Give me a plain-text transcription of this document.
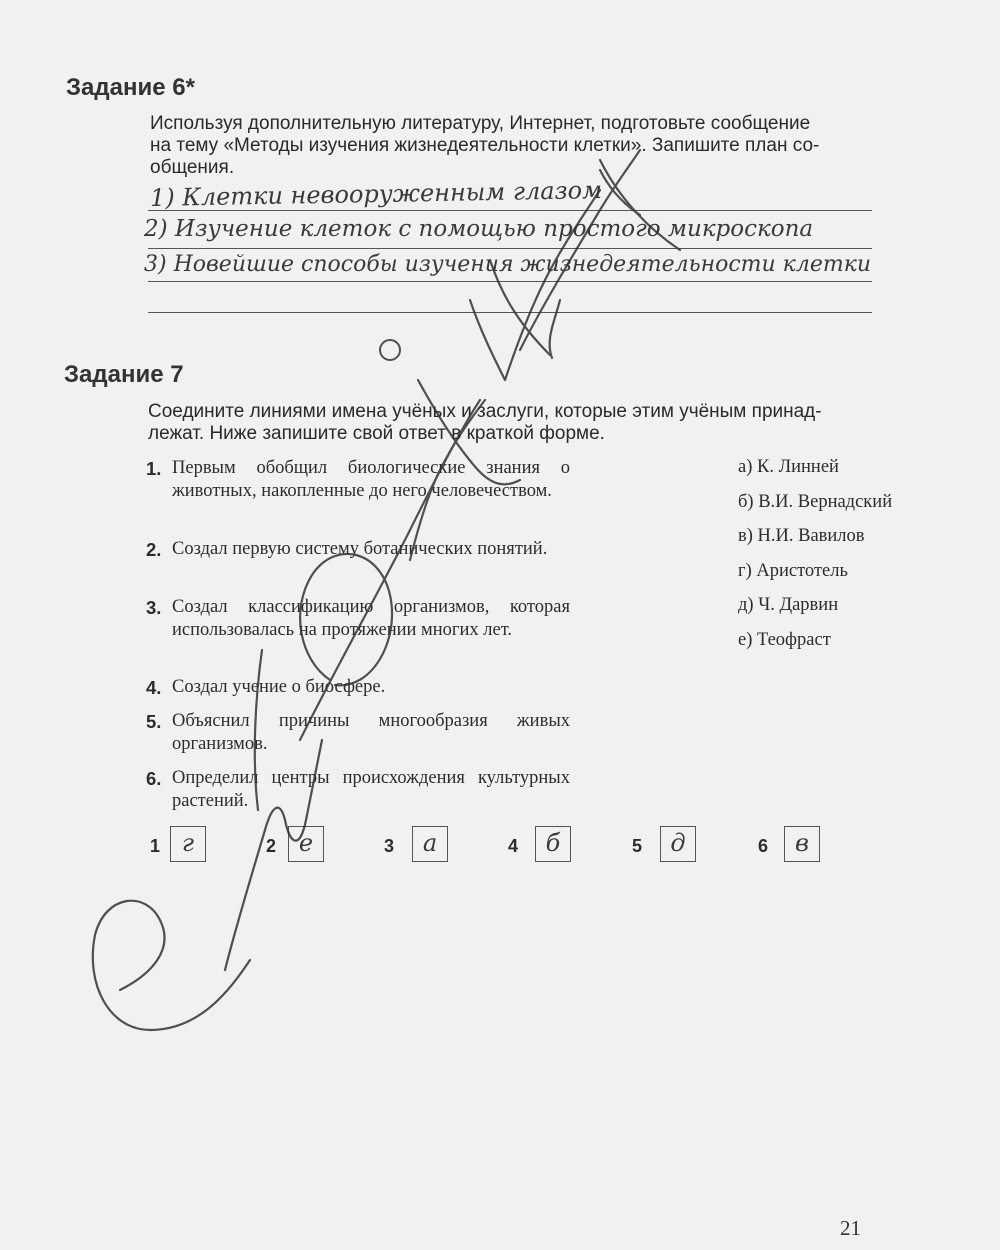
Задание 6*
Используя дополнительную литературу, Интернет, подготовьте сообщение
на тему «Методы изучения жизнедеятельности клетки». Запишите план со-
общения.
1) Клетки невооруженным глазом
2) Изучение клеток с помощью простого микроскопа
3) Новейшие способы изучения жизнедеятельности клетки
Задание 7
Соедините линиями имена учёных и заслуги, которые этим учёным принад-
лежат. Ниже запишите свой ответ в краткой форме.
1. Первым обобщил биологические знания о животных, накопленные до него человечеством.
2. Создал первую систему ботанических понятий.
3. Создал классификацию организмов, которая использовалась на протяжении многих лет.
4. Создал учение о биосфере.
5. Объяснил причины многообразия живых организмов.
6. Определил центры происхождения культурных растений.
а) К. Линней
б) В.И. Вернадский
в) Н.И. Вавилов
г) Аристотель
д) Ч. Дарвин
е) Теофраст
1 г	2 е	3	а	4	б	5	д	6	в
21
